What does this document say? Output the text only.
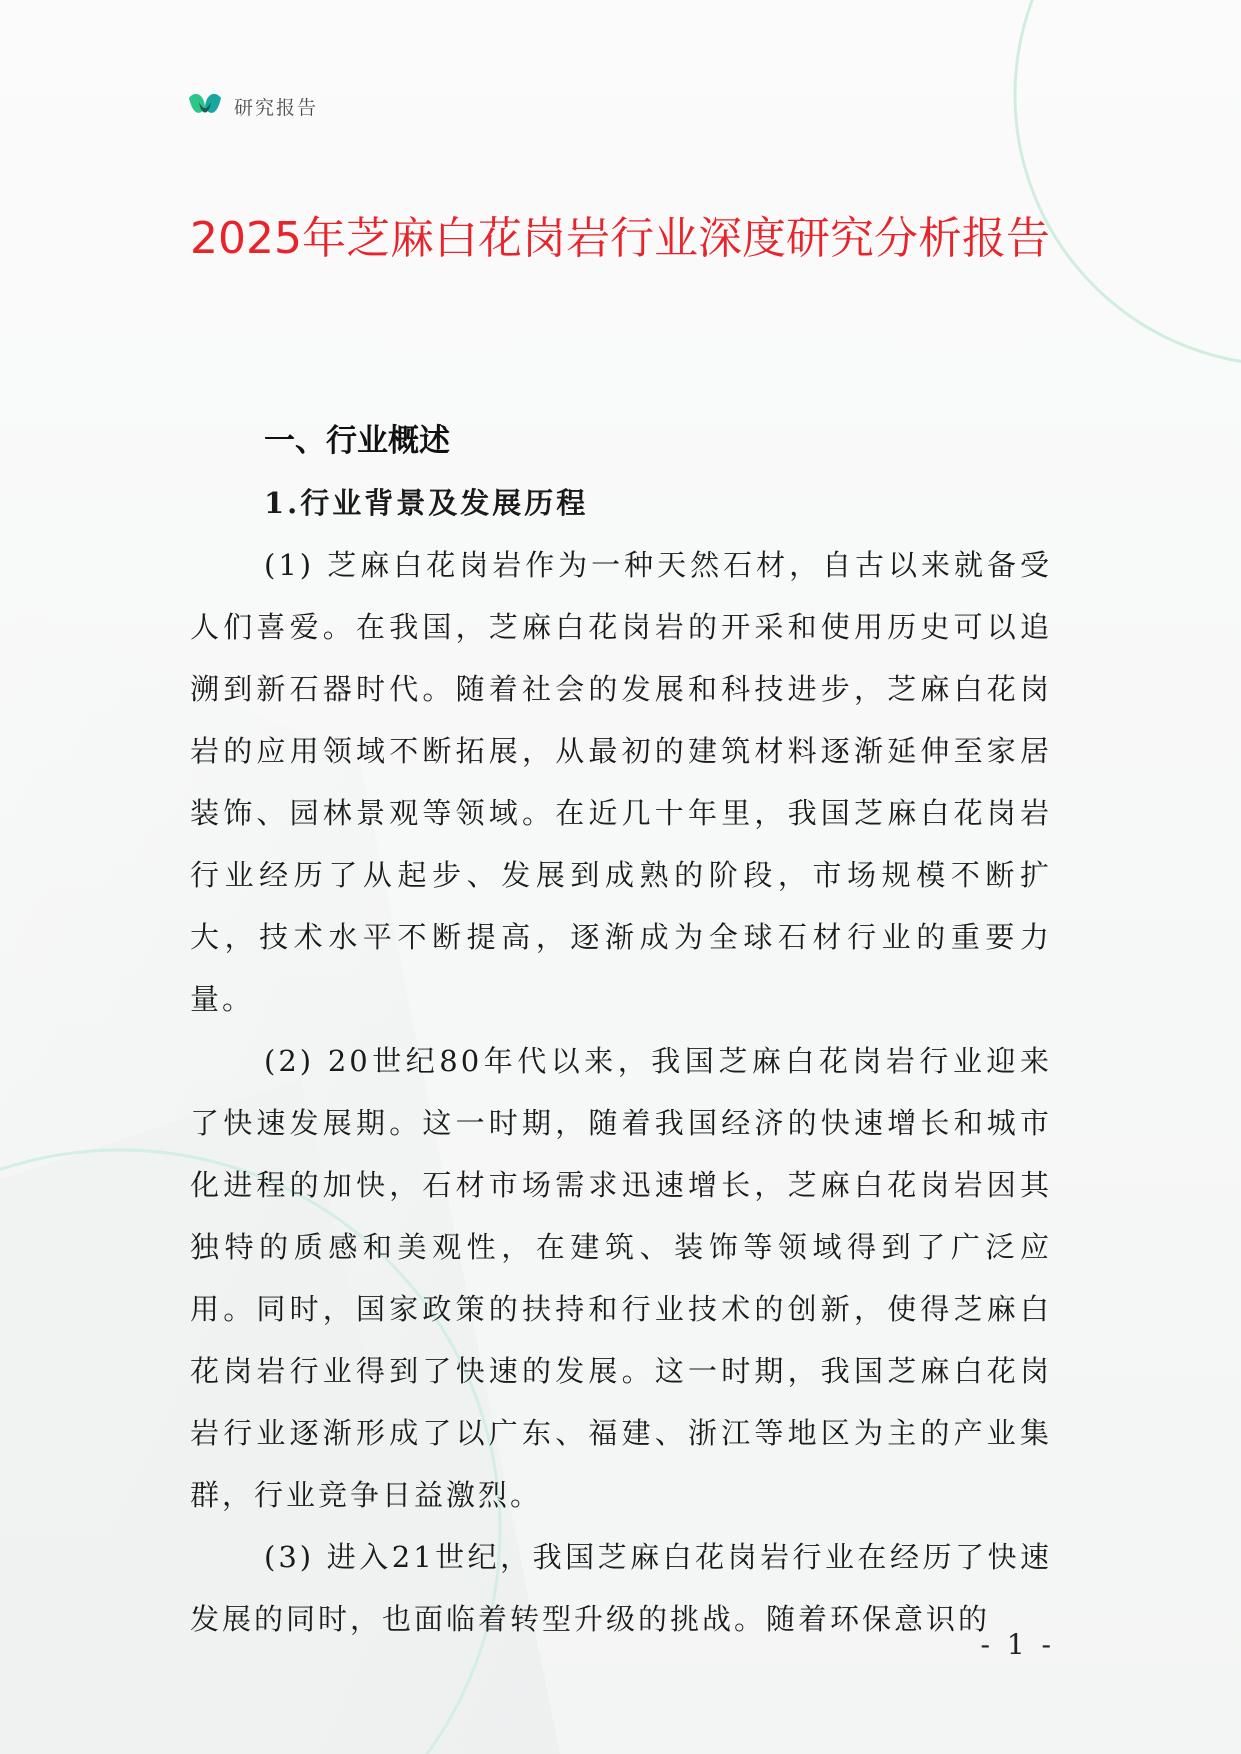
研究报告
2025年芝麻白花岗岩行业深度研究分析报告
一、行业概述
1.行业背景及发展历程

(1) 芝麻白花岗岩作为一种天然石材，自古以来就备受人们喜爱。在我国，芝麻白花岗岩的开采和使用历史可以追溯到新石器时代。随着社会的发展和科技进步，芝麻白花岗岩的应用领域不断拓展，从最初的建筑材料逐渐延伸至家居装饰、园林景观等领域。在近几十年里，我国芝麻白花岗岩行业经历了从起步、发展到成熟的阶段，市场规模不断扩大，技术水平不断提高，逐渐成为全球石材行业的重要力量。

(2) 20世纪80年代以来，我国芝麻白花岗岩行业迎来了快速发展期。这一时期，随着我国经济的快速增长和城市化进程的加快，石材市场需求迅速增长，芝麻白花岗岩因其独特的质感和美观性，在建筑、装饰等领域得到了广泛应用。同时，国家政策的扶持和行业技术的创新，使得芝麻白花岗岩行业得到了快速的发展。这一时期，我国芝麻白花岗岩行业逐渐形成了以广东、福建、浙江等地区为主的产业集群，行业竞争日益激烈。

(3) 进入21世纪，我国芝麻白花岗岩行业在经历了快速发展的同时，也面临着转型升级的挑战。随着环保意识的

- 1 -
